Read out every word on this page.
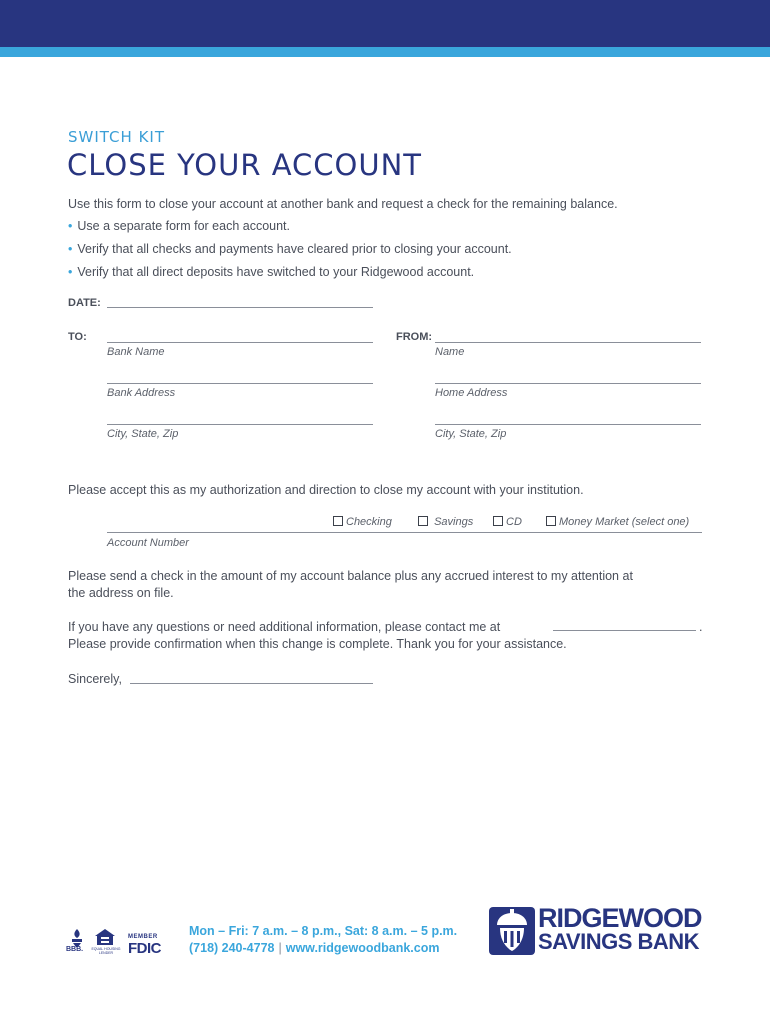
SWITCH KIT
CLOSE YOUR ACCOUNT
Use this form to close your account at another bank and request a check for the remaining balance.
• Use a separate form for each account.
• Verify that all checks and payments have cleared prior to closing your account.
• Verify that all direct deposits have switched to your Ridgewood account.
DATE:
TO:
Bank Name
Bank Address
City, State, Zip
FROM:
Name
Home Address
City, State, Zip
Please accept this as my authorization and direction to close my account with your institution.
Checking	Savings	CD	Money Market (select one)
Account Number
Please send a check in the amount of my account balance plus any accrued interest to my attention at
the address on file.
If you have any questions or need additional information, please contact me at	.
Please provide confirmation when this change is complete. Thank you for your assistance.
Sincerely,
BBB.	EQUAL HOUSING LENDER
MEMBER
FDIC
Mon – Fri: 7 a.m. – 8 p.m., Sat: 8 a.m. – 5 p.m.
(718) 240-4778 | www.ridgewoodbank.com
RIDGEWOOD
SAVINGS BANK
